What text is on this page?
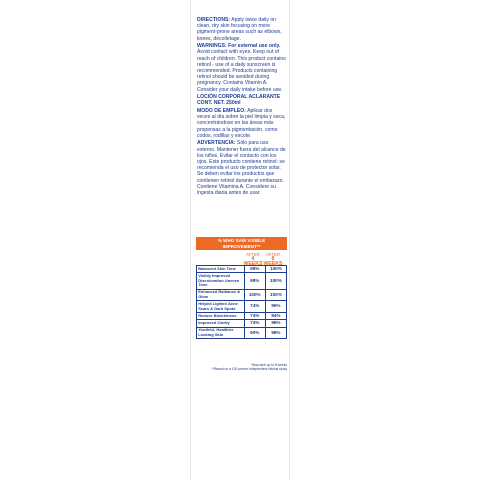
DIRECTIONS: Apply twice daily on clean, dry skin focusing on more pigment-prone areas such as elbows, knees, décolletage.

WARNINGS: For external use only. Avoid contact with eyes. Keep out of reach of children. This product contains retinol - use of a daily sunscreen is recommended. Products containing retinol should be avoided during pregnancy. Contains Vitamin A. Consider your daily intake before use.

LOCIÓN CORPORAL ACLARANTE

CONT. NET. 250ml

MODO DE EMPLEO: Aplicar dos veces al día sobre la piel limpia y seca, concentrándose en las áreas más propensas a la pigmentación, como codos, rodillas y escote.

ADVERTENCIA: Sólo para uso externo. Mantener fuera del alcance de los niños. Evitar el contacto con los ojos. Este producto contiene retinol: se recomienda el uso de protector solar. Se deben evitar los productos que contienen retinol durante el embarazo. Contiene Vitamina A. Considere su ingesta diaria antes de usar.

% WHO SAW VISIBLE
IMPROVEMENT**
AFTER
4 WEEKS
AFTER
8 WEEKS
Balanced Skin Tone	98%	100%
Visibly Improved Discoloration Uneven Tone	98%	100%
Enhanced Radiance & Glow	100%	100%
Helped Lighten Acne Scars & Dark Spots	74%	96%
Reduce Blotchiness	74%	94%
Improved Clarity	74%	96%
Youthful, Healthier Looking Skin	90%	98%
*May take up to 8 weeks
**Based on a 100 person independent clinical study
